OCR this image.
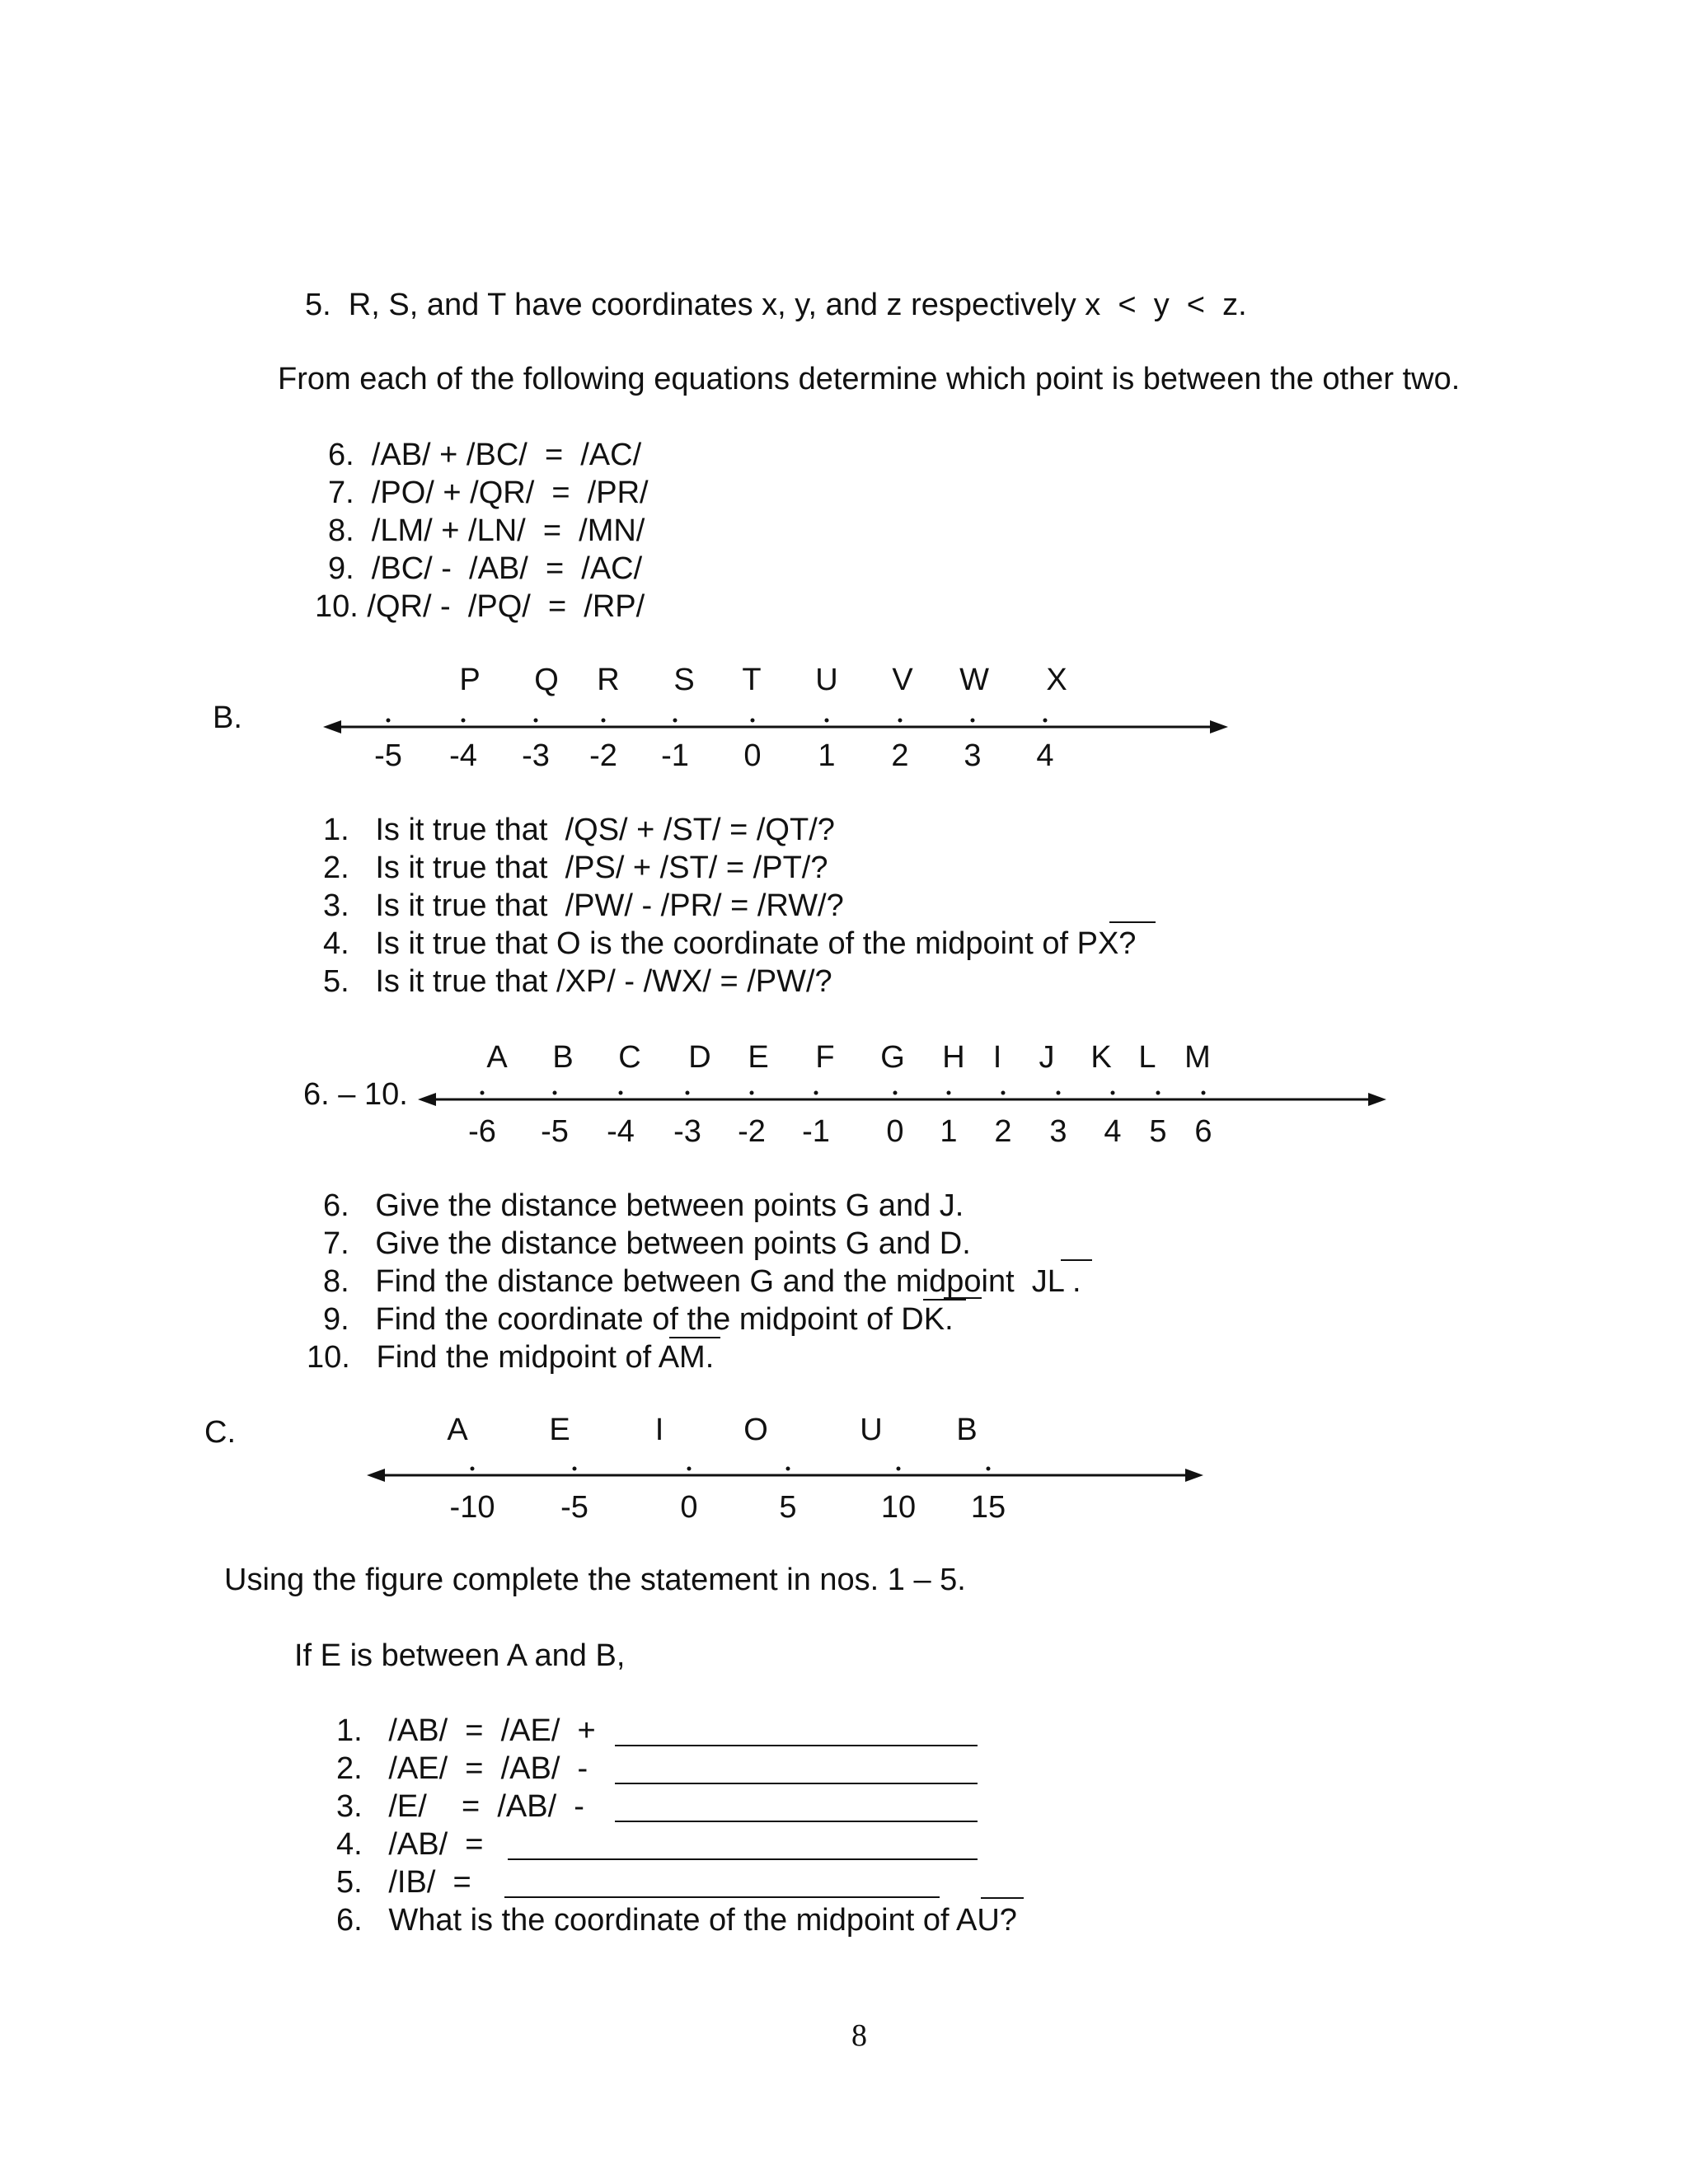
5.  R, S, and T have coordinates x, y, and z respectively x  <  y  <  z.
From each of the following equations determine which point is between the other two.
6.  /AB/ + /BC/  =  /AC/
7.  /PO/ + /QR/  =  /PR/
8.  /LM/ + /LN/  =  /MN/
9.  /BC/ -  /AB/  =  /AC/
10. /QR/ -  /PQ/  =  /RP/
B.
P Q R S T U V W X
-5 -4 -3 -2 -1 0 1 2 3 4
1.   Is it true that  /QS/ + /ST/ = /QT/?
2.   Is it true that  /PS/ + /ST/ = /PT/?
3.   Is it true that  /PW/ - /PR/ = /RW/?
4.   Is it true that O is the coordinate of the midpoint of PX?
5.   Is it true that /XP/ - /WX/ = /PW/?
6. – 10.
A B C D E F G H I J K L M
-6 -5 -4 -3 -2 -1 0 1 2 3 4 5 6
6.   Give the distance between points G and J.
7.   Give the distance between points G and D.
8.   Find the distance between G and the midpoint  JL .
9.   Find the coordinate of the midpoint of DK.
10.   Find the midpoint of AM.
C.	A	E	I	O	U B
-10 -5	0	5	10 15
Using the figure complete the statement in nos. 1 – 5.
If E is between A and B,
1.   /AB/  =  /AE/  +
2.   /AE/  =  /AB/  -
3.   /E/    =  /AB/  -
4.   /AB/  =
5.   /IB/  =
6.   What is the coordinate of the midpoint of AU?
8
